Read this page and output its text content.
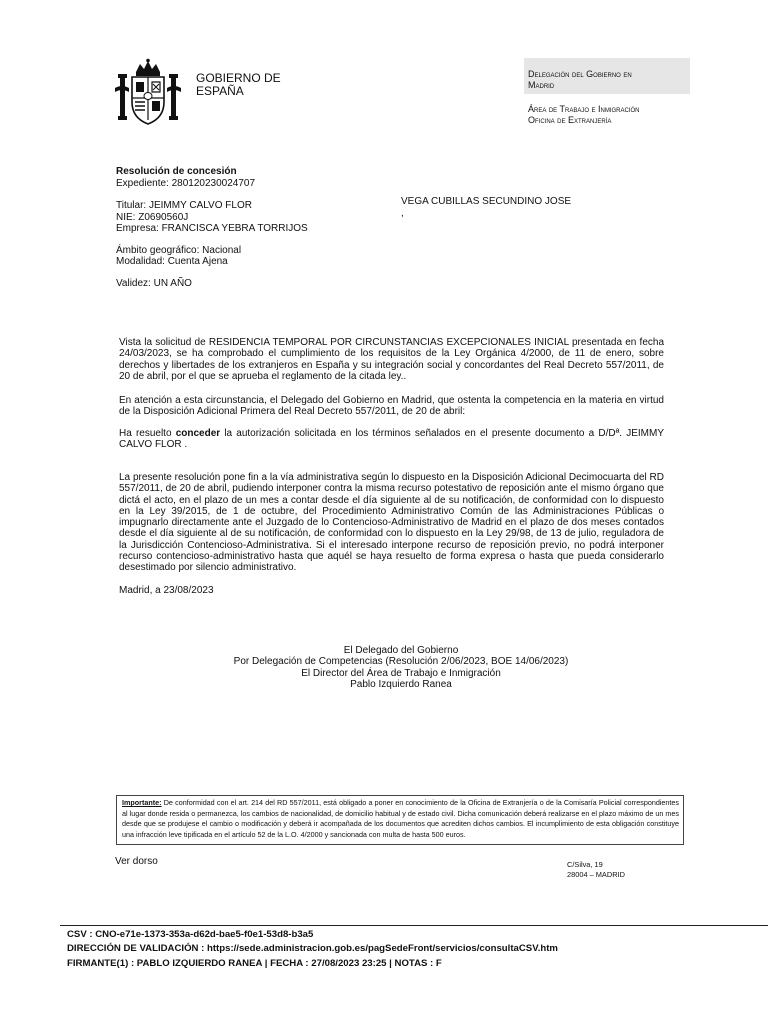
GOBIERNO DE
ESPAÑA
Delegación del Gobierno en
Madrid
Área de Trabajo e Inmigración
Oficina de Extranjería
Resolución de concesión
Expediente: 280120230024707
Titular: JEIMMY CALVO FLOR
NIE: Z0690560J
Empresa: FRANCISCA YEBRA TORRIJOS
Ámbito geográfico: Nacional
Modalidad: Cuenta Ajena
Validez: UN AÑO
VEGA CUBILLAS SECUNDINO JOSE
,
Vista la solicitud de RESIDENCIA TEMPORAL POR CIRCUNSTANCIAS EXCEPCIONALES INICIAL presentada en fecha 24/03/2023, se ha comprobado el cumplimiento de los requisitos de la Ley Orgánica 4/2000, de 11 de enero, sobre derechos y libertades de los extranjeros en España y su integración social y concordantes del Real Decreto 557/2011, de 20 de abril, por el que se aprueba el reglamento de la citada ley..
En atención a esta circunstancia, el Delegado del Gobierno en Madrid, que ostenta la competencia en la materia en virtud de la Disposición Adicional Primera del Real Decreto 557/2011, de 20 de abril:
Ha resuelto conceder la autorización solicitada en los términos señalados en el presente documento a D/Dª. JEIMMY CALVO FLOR .
La presente resolución pone fin a la vía administrativa según lo dispuesto en la Disposición Adicional Decimocuarta del RD 557/2011, de 20 de abril, pudiendo interponer contra la misma recurso potestativo de reposición ante el mismo órgano que dictá el acto, en el plazo de un mes a contar desde el día siguiente al de su notificación, de conformidad con lo dispuesto en la Ley 39/2015, de 1 de octubre, del Procedimiento Administrativo Común de las Administraciones Públicas o impugnarlo directamente ante el Juzgado de lo Contencioso-Administrativo de Madrid en el plazo de dos meses contados desde el día siguiente al de su notificación, de conformidad con lo dispuesto en la Ley 29/98, de 13 de julio, reguladora de la Jurisdicción Contencioso-Administrativa. Si el interesado interpone recurso de reposición previo, no podrá interponer recurso contencioso-administrativo hasta que aquél se haya resuelto de forma expresa o hasta que pueda considerarlo desestimado por silencio administrativo.
Madrid, a 23/08/2023
El Delegado del Gobierno
Por Delegación de Competencias (Resolución 2/06/2023, BOE 14/06/2023)
El Director del Área de Trabajo e Inmigración
Pablo Izquierdo Ranea
Importante: De conformidad con el art. 214 del RD 557/2011, está obligado a poner en conocimiento de la Oficina de Extranjería o de la Comisaría Policial correspondientes al lugar donde resida o permanezca, los cambios de nacionalidad, de domicilio habitual y de estado civil. Dicha comunicación deberá realizarse en el plazo máximo de un mes desde que se produjese el cambio o modificación y deberá ir acompañada de los documentos que acrediten dichos cambios. El incumplimiento de esta obligación constituye una infracción leve tipificada en el artículo 52 de la L.O. 4/2000 y sancionada con multa de hasta 500 euros.
Ver dorso	C/Silva, 19
28004 – MADRID
CSV : CNO-e71e-1373-353a-d62d-bae5-f0e1-53d8-b3a5
DIRECCIÓN DE VALIDACIÓN : https://sede.administracion.gob.es/pagSedeFront/servicios/consultaCSV.htm
FIRMANTE(1) : PABLO IZQUIERDO RANEA | FECHA : 27/08/2023 23:25 | NOTAS : F
